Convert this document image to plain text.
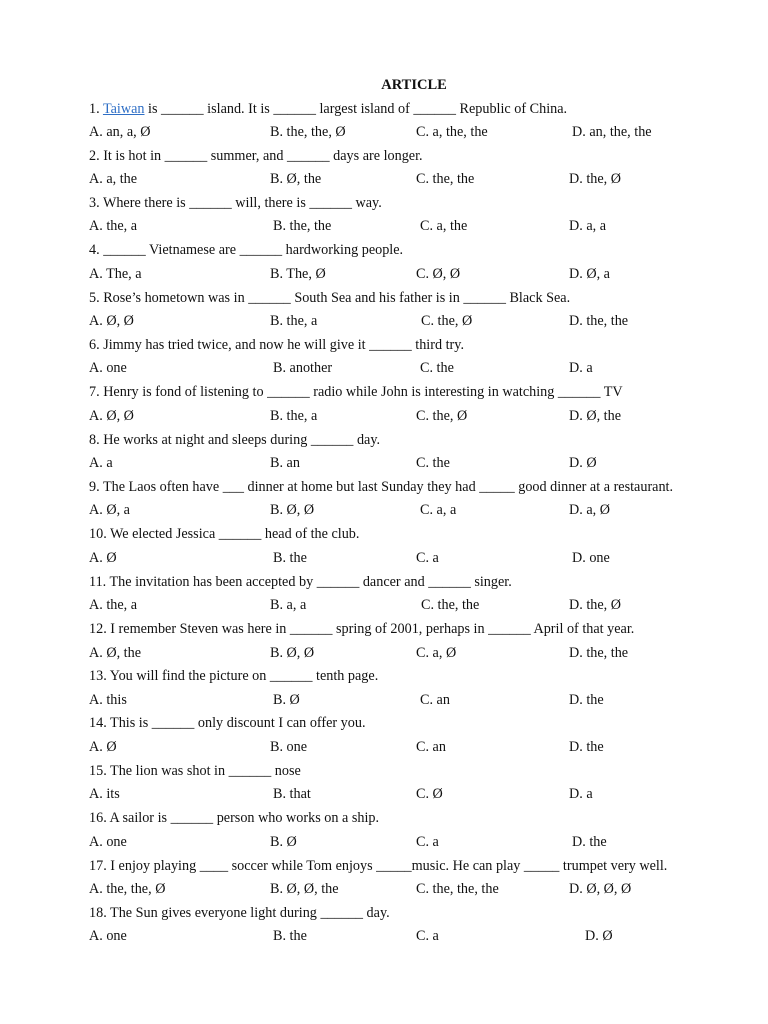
ARTICLE
1. Taiwan is ______ island. It is ______ largest island of ______ Republic of China.
A. an, a, Ø	B. the, the, Ø	C. a, the, the	D. an, the, the
2. It is hot in ______ summer, and ______ days are longer.
A. a, the	B. Ø, the	C. the, the	D. the, Ø
3. Where there is ______ will, there is ______ way.
A. the, a	B. the, the	C. a, the	D. a, a
4. ______ Vietnamese are ______ hardworking people.
A. The, a	B. The, Ø	C. Ø, Ø	D. Ø, a
5. Rose’s hometown was in ______ South Sea and his father is in ______ Black Sea.
A. Ø, Ø	B. the, a	C. the, Ø	D. the, the
6. Jimmy has tried twice, and now he will give it ______ third try.
A. one	B. another	C. the	D. a
7. Henry is fond of listening to ______ radio while John is interesting in watching ______ TV
A. Ø, Ø	B. the, a	C. the, Ø	D. Ø, the
8. He works at night and sleeps during ______ day.
A. a	B. an	C. the	D. Ø
9. The Laos often have ___ dinner at home but last Sunday they had _____ good dinner at a restaurant.
A. Ø, a	B. Ø, Ø	C. a, a	D. a, Ø
10. We elected Jessica ______ head of the club.
A. Ø	B. the	C. a	D. one
11. The invitation has been accepted by ______ dancer and ______ singer.
A. the, a	B. a, a	C. the, the	D. the, Ø
12. I remember Steven was here in ______ spring of 2001, perhaps in ______ April of that year.
A. Ø, the	B. Ø, Ø	C. a, Ø	D. the, the
13. You will find the picture on ______ tenth page.
A. this	B. Ø	C. an	D. the
14. This is ______ only discount I can offer you.
A. Ø	B. one	C. an	D. the
15. The lion was shot in ______ nose
A. its	B. that	C. Ø	D. a
16. A sailor is ______ person who works on a ship.
A. one	B. Ø	C. a	D. the
17. I enjoy playing ____ soccer while Tom enjoys _____music. He can play _____ trumpet very well.
A. the, the, Ø	B. Ø, Ø, the	C. the, the, the	D. Ø, Ø, Ø
18. The Sun gives everyone light during ______ day.
A. one	B. the	C. a	D. Ø
